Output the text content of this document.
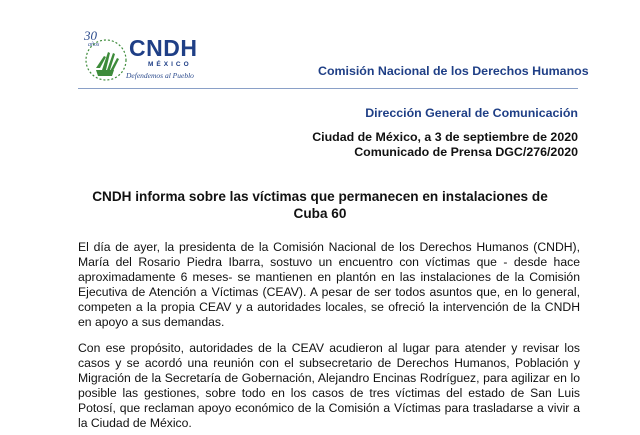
30
años CNDH
MÉXICO
Defendemos al Pueblo	Comisión Nacional de los Derechos Humanos
Dirección General de Comunicación
Ciudad de México, a 3 de septiembre de 2020
Comunicado de Prensa DGC/276/2020
CNDH informa sobre las víctimas que permanecen en instalaciones de Cuba 60
El día de ayer, la presidenta de la Comisión Nacional de los Derechos Humanos (CNDH), María del Rosario Piedra Ibarra, sostuvo un encuentro con víctimas que - desde hace aproximadamente 6 meses- se mantienen en plantón en las instalaciones de la Comisión Ejecutiva de Atención a Víctimas (CEAV). A pesar de ser todos asuntos que, en lo general, competen a la propia CEAV y a autoridades locales, se ofreció la intervención de la CNDH en apoyo a sus demandas.
Con ese propósito, autoridades de la CEAV acudieron al lugar para atender y revisar los casos y se acordó una reunión con el subsecretario de Derechos Humanos, Población y Migración de la Secretaría de Gobernación, Alejandro Encinas Rodríguez, para agilizar en lo posible las gestiones, sobre todo en los casos de tres víctimas del estado de San Luis Potosí, que reclaman apoyo económico de la Comisión a Víctimas para trasladarse a vivir a la Ciudad de México.
